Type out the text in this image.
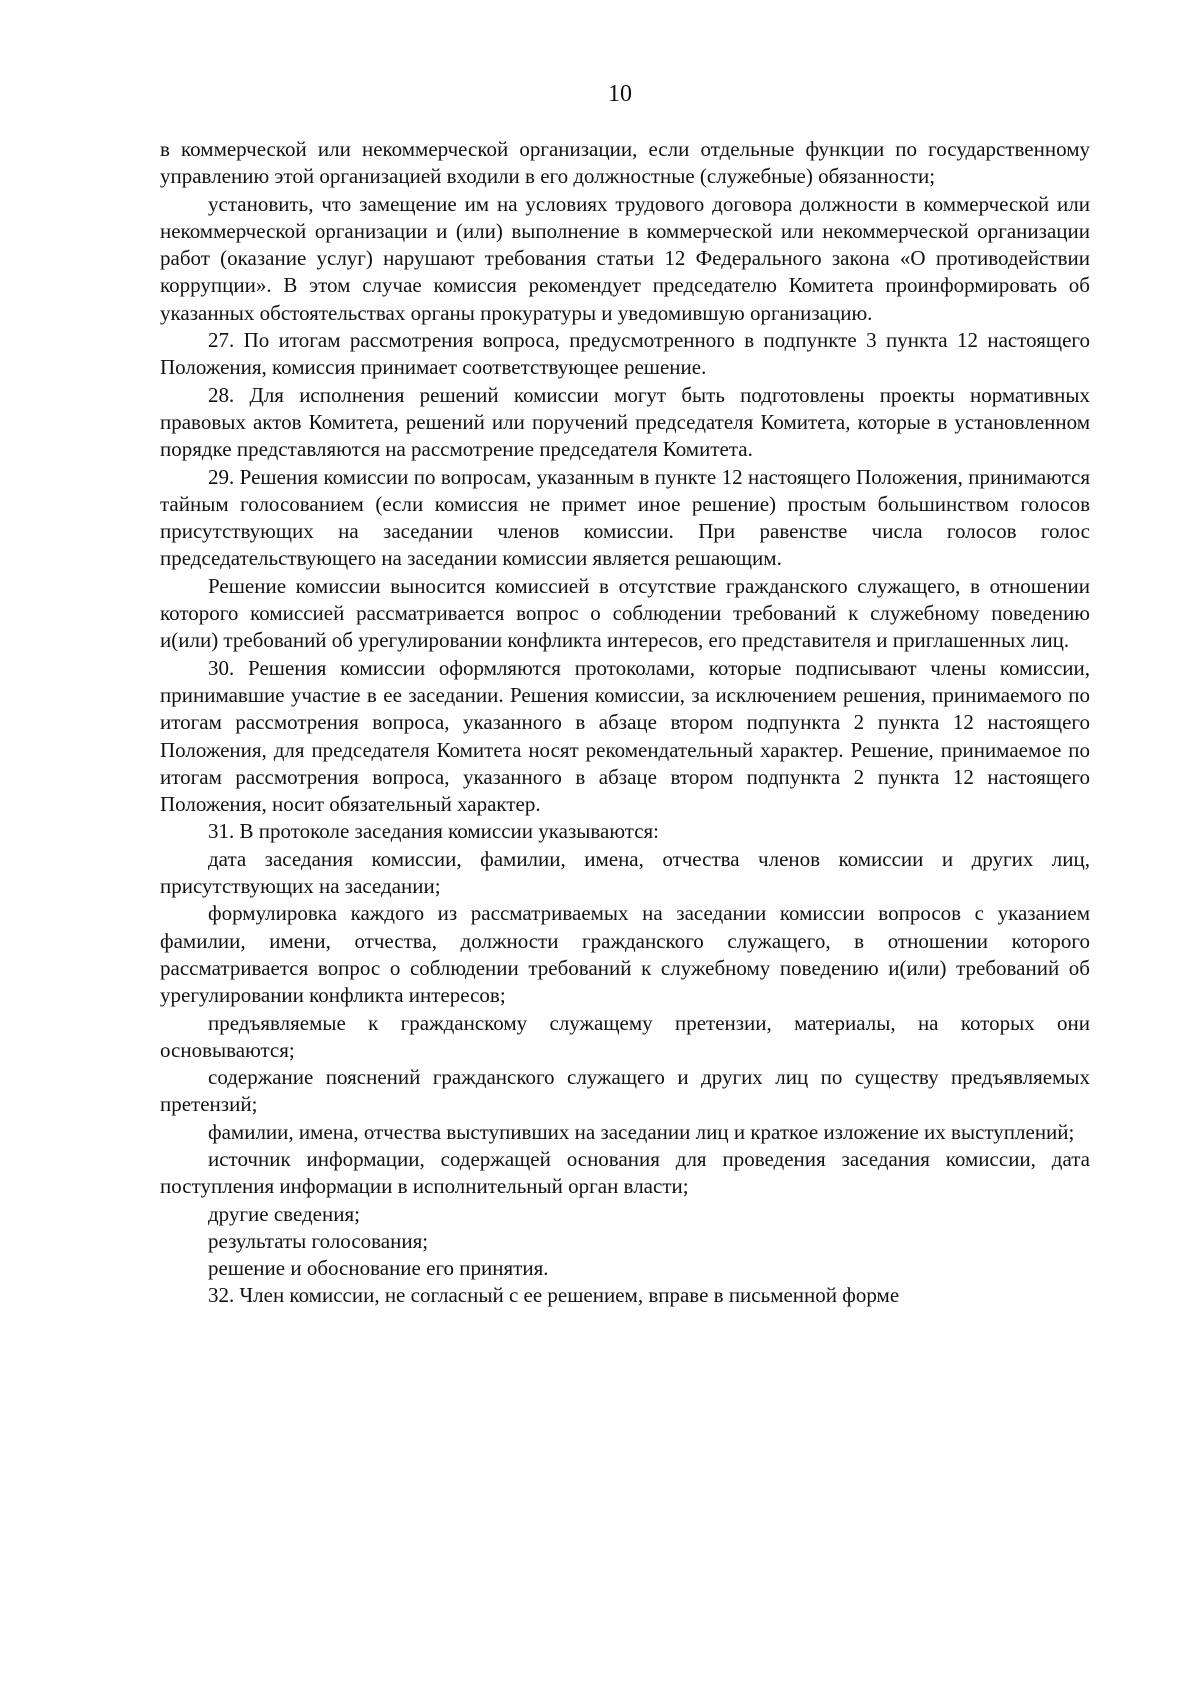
10

в коммерческой или некоммерческой организации, если отдельные функции по государственному управлению этой организацией входили в его должностные (служебные) обязанности;

установить, что замещение им на условиях трудового договора должности в коммерческой или некоммерческой организации и (или) выполнение в коммерческой или некоммерческой организации работ (оказание услуг) нарушают требования статьи 12 Федерального закона «О противодействии коррупции». В этом случае комиссия рекомендует председателю Комитета проинформировать об указанных обстоятельствах органы прокуратуры и уведомившую организацию.

27. По итогам рассмотрения вопроса, предусмотренного в подпункте 3 пункта 12 настоящего Положения, комиссия принимает соответствующее решение.

28. Для исполнения решений комиссии могут быть подготовлены проекты нормативных правовых актов Комитета, решений или поручений председателя Комитета, которые в установленном порядке представляются на рассмотрение председателя Комитета.

29. Решения комиссии по вопросам, указанным в пункте 12 настоящего Положения, принимаются тайным голосованием (если комиссия не примет иное решение) простым большинством голосов присутствующих на заседании членов комиссии. При равенстве числа голосов голос председательствующего на заседании комиссии является решающим.

Решение комиссии выносится комиссией в отсутствие гражданского служащего, в отношении которого комиссией рассматривается вопрос о соблюдении требований к служебному поведению и(или) требований об урегулировании конфликта интересов, его представителя и приглашенных лиц.

30. Решения комиссии оформляются протоколами, которые подписывают члены комиссии, принимавшие участие в ее заседании. Решения комиссии, за исключением решения, принимаемого по итогам рассмотрения вопроса, указанного в абзаце втором подпункта 2 пункта 12 настоящего Положения, для председателя Комитета носят рекомендательный характер. Решение, принимаемое по итогам рассмотрения вопроса, указанного в абзаце втором подпункта 2 пункта 12 настоящего Положения, носит обязательный характер.

31. В протоколе заседания комиссии указываются:

дата заседания комиссии, фамилии, имена, отчества членов комиссии и других лиц, присутствующих на заседании;

формулировка каждого из рассматриваемых на заседании комиссии вопросов с указанием фамилии, имени, отчества, должности гражданского служащего, в отношении которого рассматривается вопрос о соблюдении требований к служебному поведению и(или) требований об урегулировании конфликта интересов;

предъявляемые к гражданскому служащему претензии, материалы, на которых они основываются;

содержание пояснений гражданского служащего и других лиц по существу предъявляемых претензий;

фамилии, имена, отчества выступивших на заседании лиц и краткое изложение их выступлений;

источник информации, содержащей основания для проведения заседания комиссии, дата поступления информации в исполнительный орган власти;

другие сведения;

результаты голосования;

решение и обоснование его принятия.

32. Член комиссии, не согласный с ее решением, вправе в письменной форме
